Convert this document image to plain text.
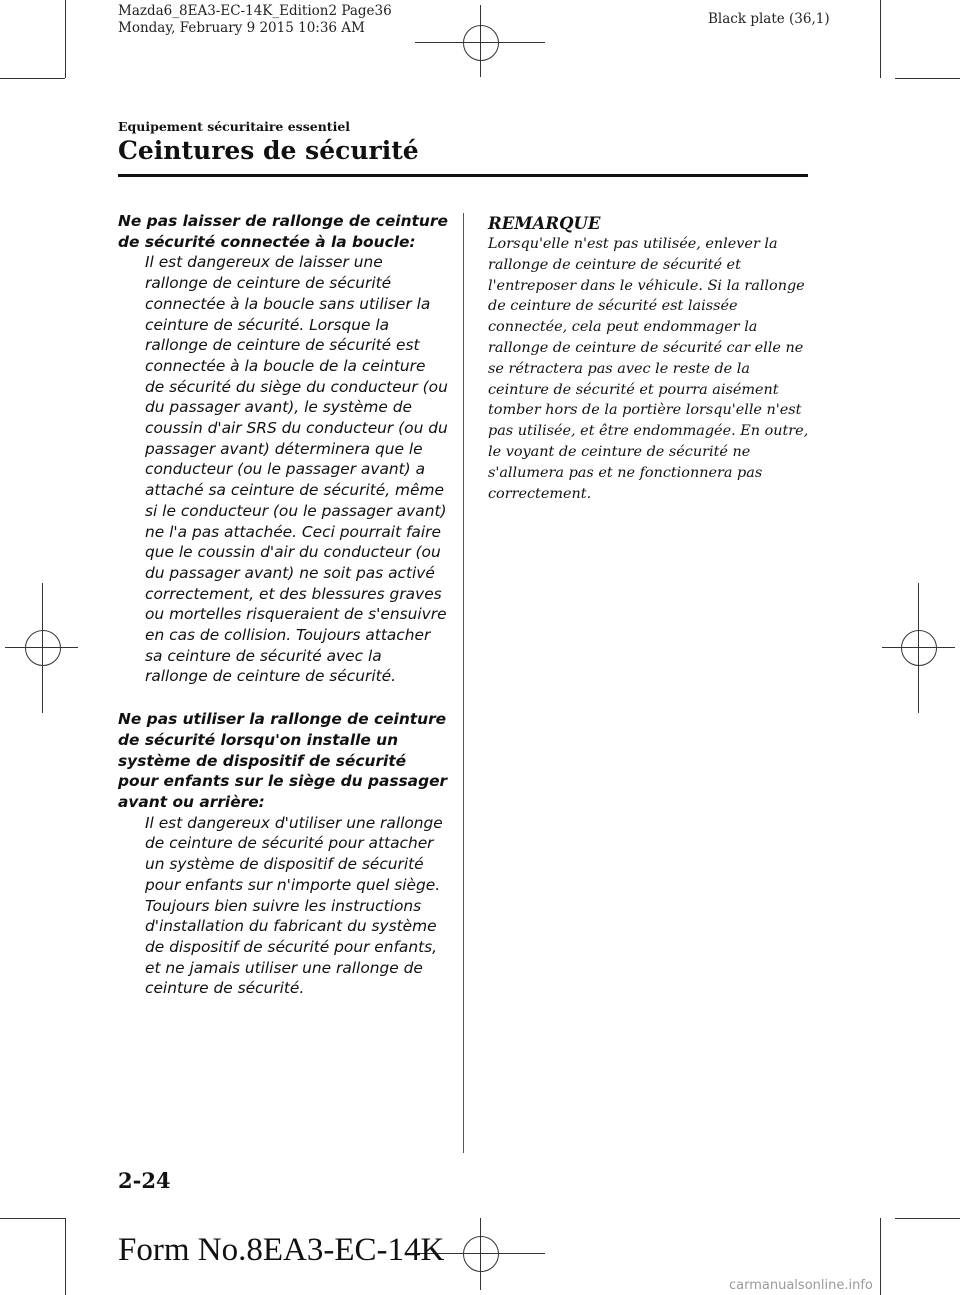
Mazda6_8EA3-EC-14K_Edition2 Page36
Monday, February 9 2015 10:36 AM
Black plate (36,1)
Equipement sécuritaire essentiel
Ceintures de sécurité
Ne pas laisser de rallonge de ceinture de sécurité connectée à la boucle:
Il est dangereux de laisser une rallonge de ceinture de sécurité connectée à la boucle sans utiliser la ceinture de sécurité. Lorsque la rallonge de ceinture de sécurité est connectée à la boucle de la ceinture de sécurité du siège du conducteur (ou du passager avant), le système de coussin d'air SRS du conducteur (ou du passager avant) déterminera que le conducteur (ou le passager avant) a attaché sa ceinture de sécurité, même si le conducteur (ou le passager avant) ne l'a pas attachée. Ceci pourrait faire que le coussin d'air du conducteur (ou du passager avant) ne soit pas activé correctement, et des blessures graves ou mortelles risqueraient de s'ensuivre en cas de collision. Toujours attacher sa ceinture de sécurité avec la rallonge de ceinture de sécurité.
Ne pas utiliser la rallonge de ceinture de sécurité lorsqu'on installe un système de dispositif de sécurité pour enfants sur le siège du passager avant ou arrière:
Il est dangereux d'utiliser une rallonge de ceinture de sécurité pour attacher un système de dispositif de sécurité pour enfants sur n'importe quel siège. Toujours bien suivre les instructions d'installation du fabricant du système de dispositif de sécurité pour enfants, et ne jamais utiliser une rallonge de ceinture de sécurité.
REMARQUE
Lorsqu'elle n'est pas utilisée, enlever la rallonge de ceinture de sécurité et l'entreposer dans le véhicule. Si la rallonge de ceinture de sécurité est laissée connectée, cela peut endommager la rallonge de ceinture de sécurité car elle ne se rétractera pas avec le reste de la ceinture de sécurité et pourra aisément tomber hors de la portière lorsqu'elle n'est pas utilisée, et être endommagée. En outre, le voyant de ceinture de sécurité ne s'allumera pas et ne fonctionnera pas correctement.
2-24
Form No.8EA3-EC-14K
carmanualsonline.info
